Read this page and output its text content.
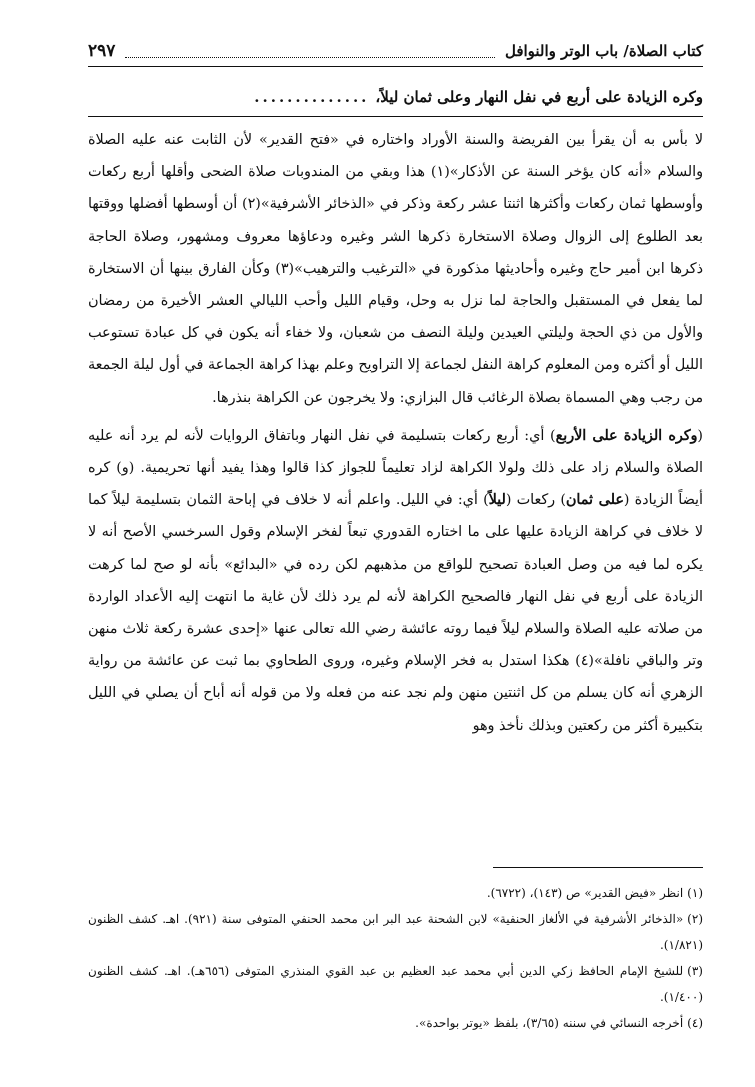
كتاب الصلاة/ باب الوتر والنوافل
٢٩٧
وكره الزيادة على أربع في نفل النهار وعلى ثمان ليلاً،
..............

لا بأس به أن يقرأ بين الفريضة والسنة الأوراد واختاره في «فتح القدير» لأن الثابت عنه عليه الصلاة والسلام «أنه كان يؤخر السنة عن الأذكار»(١) هذا وبقي من المندوبات صلاة الضحى وأقلها أربع ركعات وأوسطها ثمان ركعات وأكثرها اثنتا عشر ركعة وذكر في «الذخائر الأشرفية»(٢) أن أوسطها أفضلها ووقتها بعد الطلوع إلى الزوال وصلاة الاستخارة ذكرها الشر وغيره ودعاؤها معروف ومشهور، وصلاة الحاجة ذكرها ابن أمير حاج وغيره وأحاديثها مذكورة في «الترغيب والترهيب»(٣) وكأن الفارق بينها أن الاستخارة لما يفعل في المستقبل والحاجة لما نزل به وحل، وقيام الليل وأحب الليالي العشر الأخيرة من رمضان والأول من ذي الحجة وليلتي العيدين وليلة النصف من شعبان، ولا خفاء أنه يكون في كل عبادة تستوعب الليل أو أكثره ومن المعلوم كراهة النفل لجماعة إلا التراويح وعلم بهذا كراهة الجماعة في أول ليلة الجمعة من رجب وهي المسماة بصلاة الرغائب قال البزازي: ولا يخرجون عن الكراهة بنذرها.

(وكره الزيادة على الأربع) أي: أربع ركعات بتسليمة في نفل النهار وباتفاق الروايات لأنه لم يرد أنه عليه الصلاة والسلام زاد على ذلك ولولا الكراهة لزاد تعليماً للجواز كذا قالوا وهذا يفيد أنها تحريمية. (و) كره أيضاً الزيادة (على ثمان) ركعات (ليلاً) أي: في الليل. واعلم أنه لا خلاف في إباحة الثمان بتسليمة ليلاً كما لا خلاف في كراهة الزيادة عليها على ما اختاره القدوري تبعاً لفخر الإسلام وقول السرخسي الأصح أنه لا يكره لما فيه من وصل العبادة تصحيح للواقع من مذهبهم لكن رده في «البدائع» بأنه لو صح لما كرهت الزيادة على أربع في نفل النهار فالصحيح الكراهة لأنه لم يرد ذلك لأن غاية ما انتهت إليه الأعداد الواردة من صلاته عليه الصلاة والسلام ليلاً فيما روته عائشة رضي الله تعالى عنها «إحدى عشرة ركعة ثلاث منهن وتر والباقي نافلة»(٤) هكذا استدل به فخر الإسلام وغيره، وروى الطحاوي بما ثبت عن عائشة من رواية الزهري أنه كان يسلم من كل اثنتين منهن ولم نجد عنه من فعله ولا من قوله أنه أباح أن يصلي في الليل بتكبيرة أكثر من ركعتين وبذلك نأخذ وهو

(١)انظر «فيض القدير» ص (١٤٣)، (٦٧٢٢).

(٢)«الذخائر الأشرفية في الألغاز الحنفية» لابن الشحنة عبد البر ابن محمد الحنفي المتوفى سنة (٩٢١). اهـ. كشف الظنون (١/٨٢١).

(٣)للشيخ الإمام الحافظ زكي الدين أبي محمد عبد العظيم بن عبد القوي المنذري المتوفى (٦٥٦هـ). اهـ. كشف الظنون (١/٤٠٠).

(٤)أخرجه النسائي في سننه (٣/٦٥)، بلفظ «يوتر بواحدة».
